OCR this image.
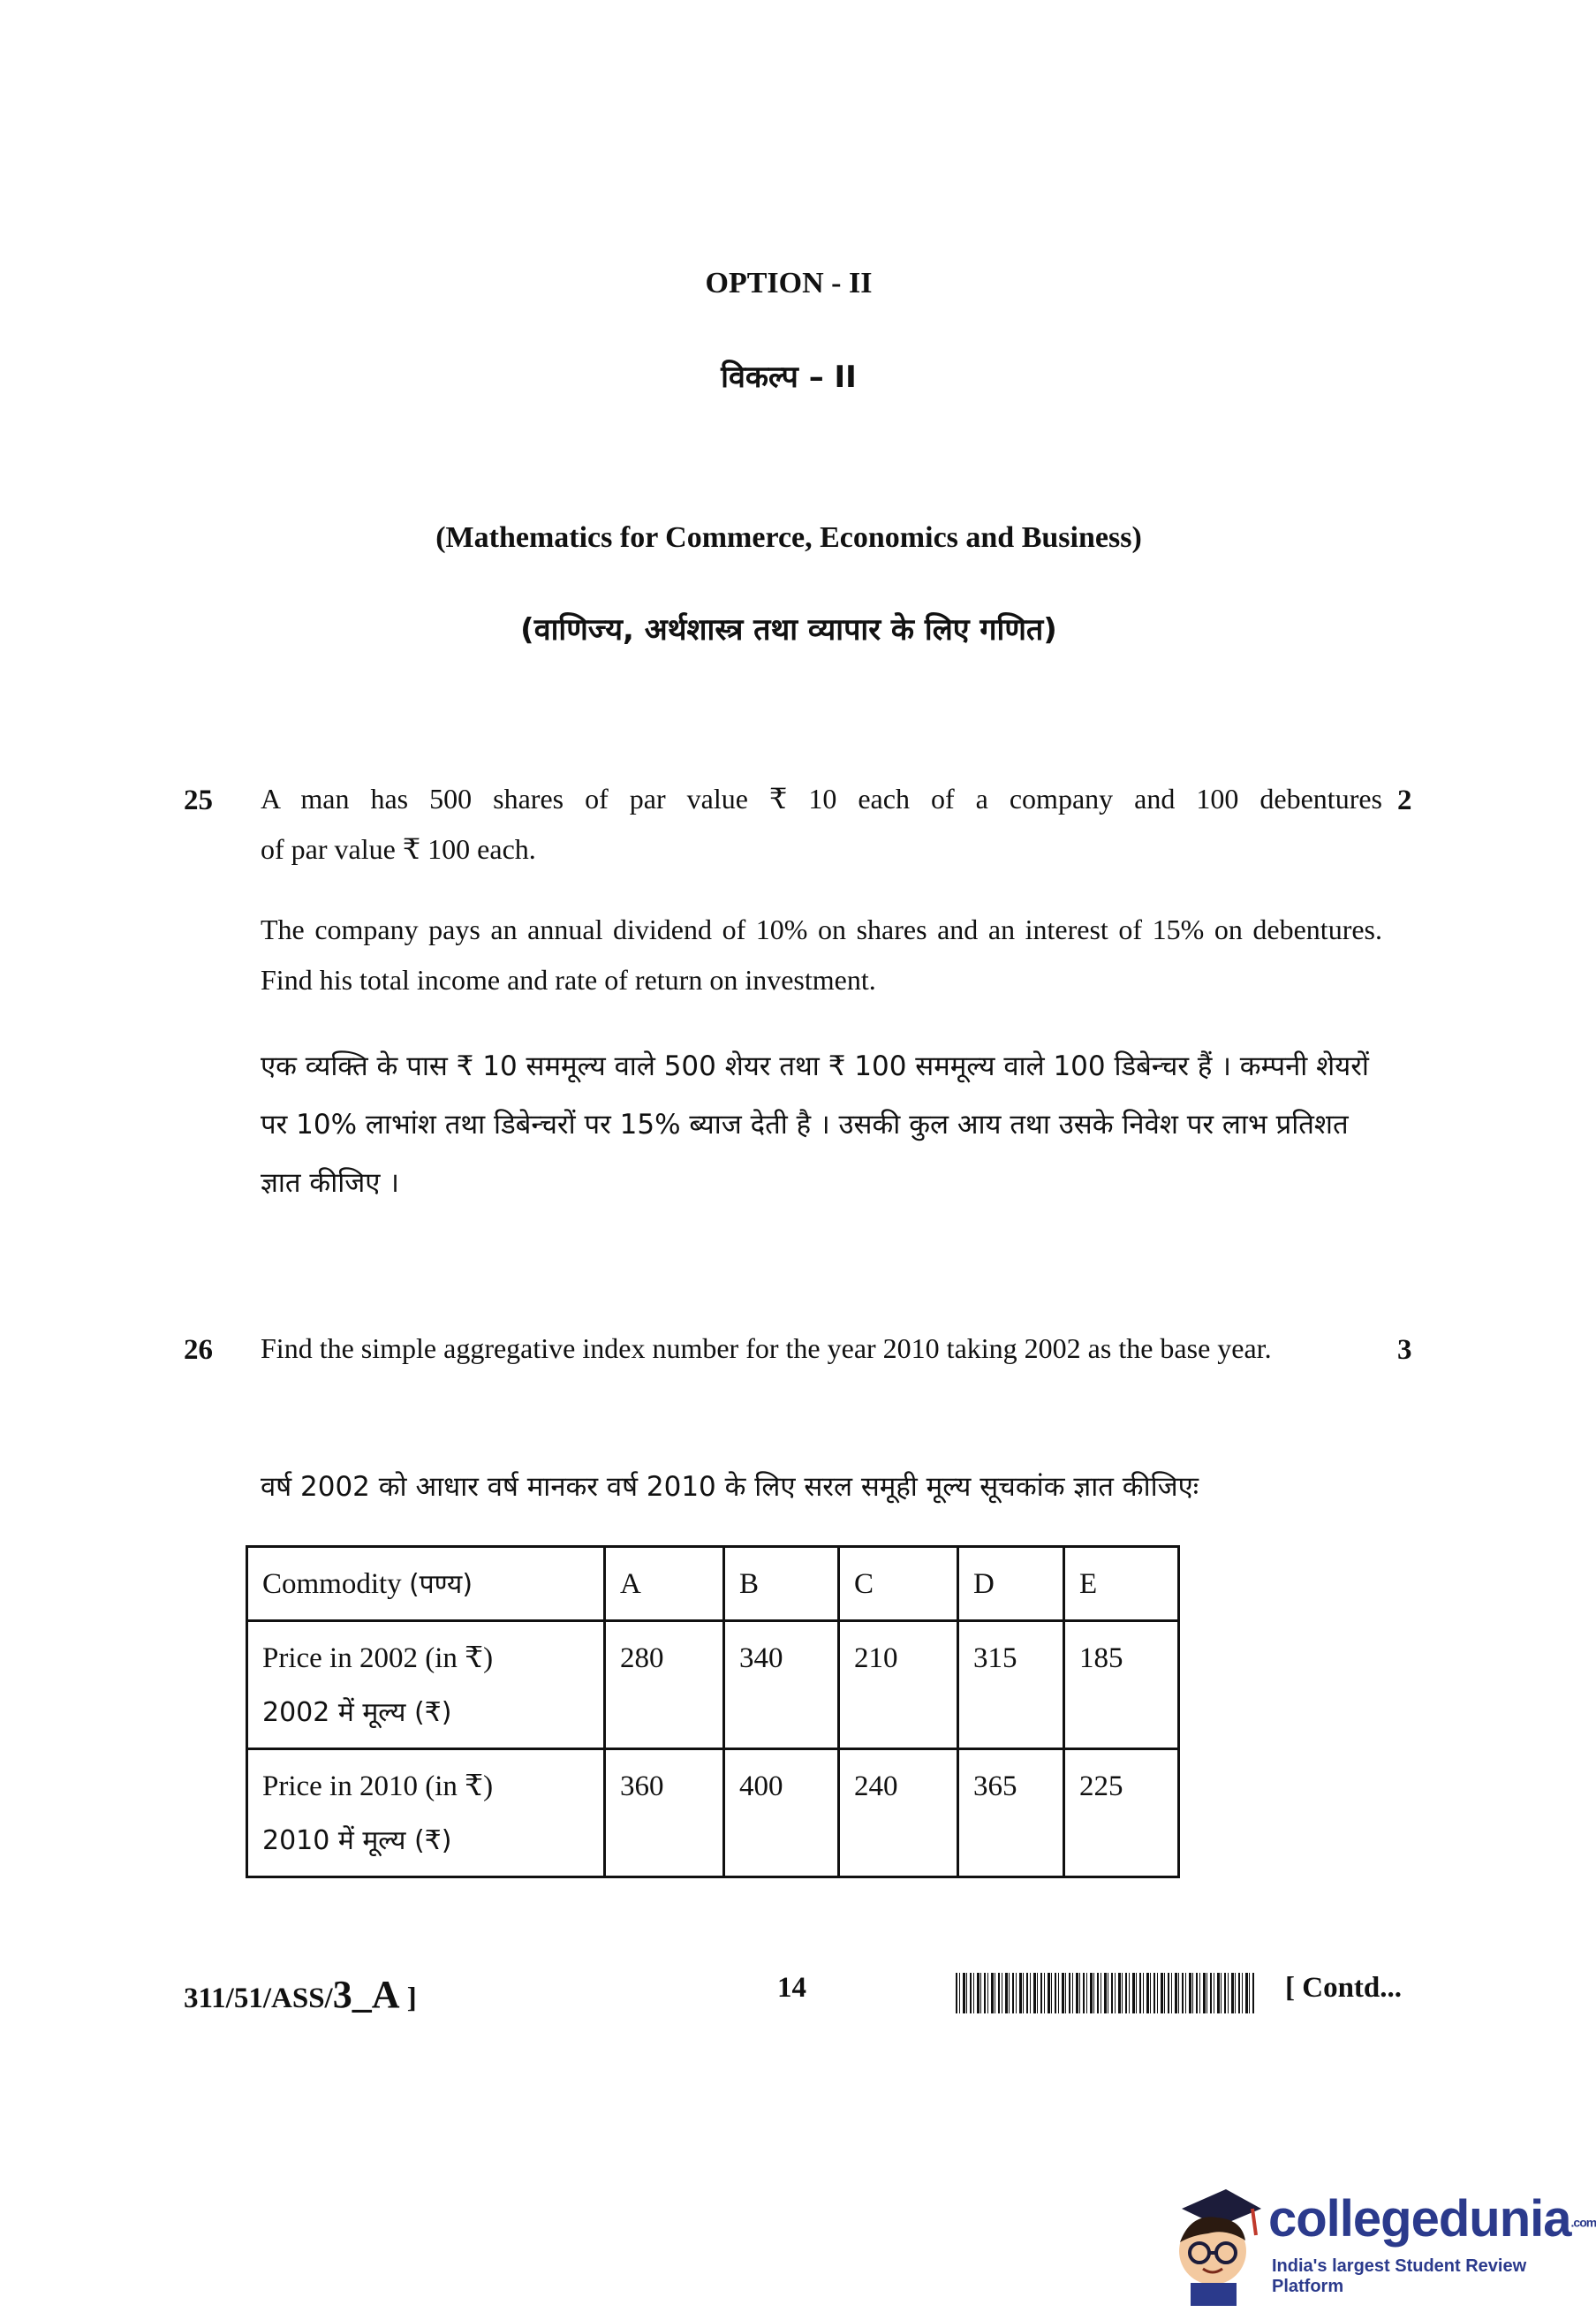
OPTION - II
विकल्प – II
(Mathematics for Commerce, Economics and Business)
(वाणिज्य, अर्थशास्त्र तथा व्यापार के लिए गणित)
25	2
A man has 500 shares of par value ₹ 10 each of a company and 100 debentures
of par value ₹ 100 each.
The company pays an annual dividend of 10% on shares and an interest of 15% on debentures. Find his total income and rate of return on investment.
एक व्यक्ति के पास ₹ 10 सममूल्य वाले 500 शेयर तथा ₹ 100 सममूल्य वाले 100 डिबेन्चर हैं । कम्पनी शेयरों पर 10% लाभांश तथा डिबेन्चरों पर 15% ब्याज देती है । उसकी कुल आय तथा उसके निवेश पर लाभ प्रतिशत ज्ञात कीजिए ।
26	3
Find the simple aggregative index number for the year 2010 taking 2002 as the base year.
वर्ष 2002 को आधार वर्ष मानकर वर्ष 2010 के लिए सरल समूही मूल्य सूचकांक ज्ञात कीजिएः
Commodity (पण्य)	A	B	C	D	E

Price in 2002 (in ₹)
2002 में मूल्य (₹)	280	340	210	315	185

Price in 2010 (in ₹)
2010 में मूल्य (₹)	360	400	240	365	225
311/51/ASS/3_A ]	14	[ Contd...
collegedunia.com
India's largest Student Review Platform
